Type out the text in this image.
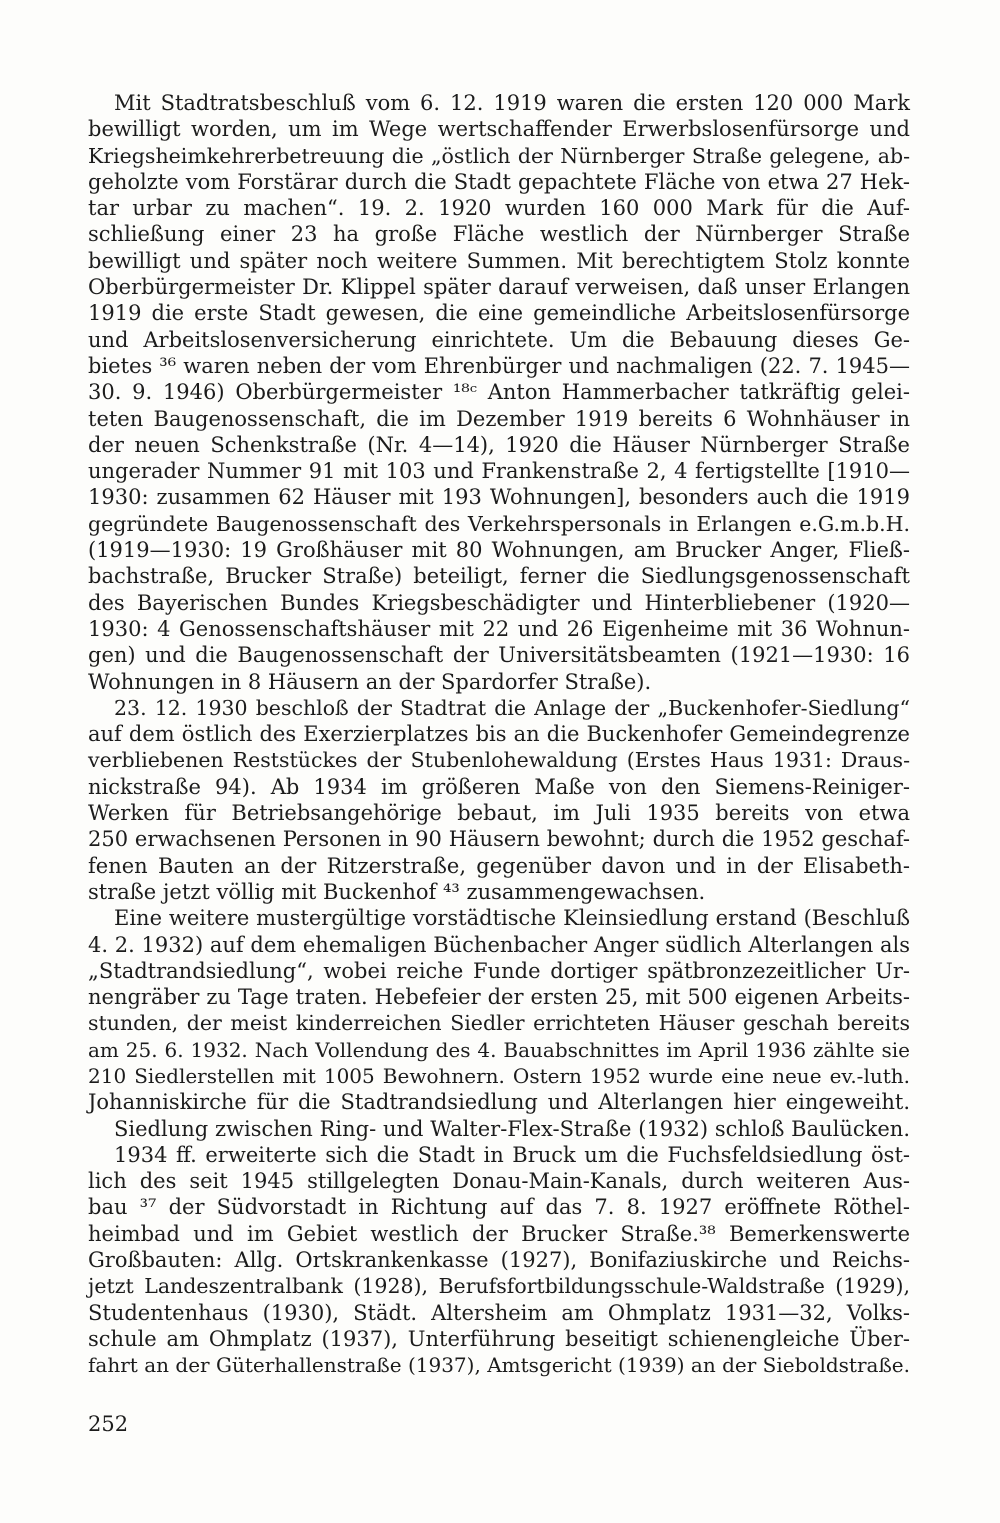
Mit Stadtratsbeschluß vom 6. 12. 1919 waren die ersten 120 000 Mark
bewilligt worden, um im Wege wertschaffender Erwerbslosenfürsorge und
Kriegsheimkehrerbetreuung die „östlich der Nürnberger Straße gelegene, ab-
geholzte vom Forstärar durch die Stadt gepachtete Fläche von etwa 27 Hek-
tar urbar zu machen“. 19. 2. 1920 wurden 160 000 Mark für die Auf-
schließung einer 23 ha große Fläche westlich der Nürnberger Straße
bewilligt und später noch weitere Summen. Mit berechtigtem Stolz konnte
Oberbürgermeister Dr. Klippel später darauf verweisen, daß unser Erlangen
1919 die erste Stadt gewesen, die eine gemeindliche Arbeitslosenfürsorge
und Arbeitslosenversicherung einrichtete. Um die Bebauung dieses Ge-
bietes ³⁶ waren neben der vom Ehrenbürger und nachmaligen (22. 7. 1945—
30. 9. 1946) Oberbürgermeister ¹⁸ᶜ Anton Hammerbacher tatkräftig gelei-
teten Baugenossenschaft, die im Dezember 1919 bereits 6 Wohnhäuser in
der neuen Schenkstraße (Nr. 4—14), 1920 die Häuser Nürnberger Straße
ungerader Nummer 91 mit 103 und Frankenstraße 2, 4 fertigstellte [1910—
1930: zusammen 62 Häuser mit 193 Wohnungen], besonders auch die 1919
gegründete Baugenossenschaft des Verkehrspersonals in Erlangen e.G.m.b.H.
(1919—1930: 19 Großhäuser mit 80 Wohnungen, am Brucker Anger, Fließ-
bachstraße, Brucker Straße) beteiligt, ferner die Siedlungsgenossenschaft
des Bayerischen Bundes Kriegsbeschädigter und Hinterbliebener (1920—
1930: 4 Genossenschaftshäuser mit 22 und 26 Eigenheime mit 36 Wohnun-
gen) und die Baugenossenschaft der Universitätsbeamten (1921—1930: 16
Wohnungen in 8 Häusern an der Spardorfer Straße).
23. 12. 1930 beschloß der Stadtrat die Anlage der „Buckenhofer-Siedlung“
auf dem östlich des Exerzierplatzes bis an die Buckenhofer Gemeindegrenze
verbliebenen Reststückes der Stubenlohewaldung (Erstes Haus 1931: Draus-
nickstraße 94). Ab 1934 im größeren Maße von den Siemens-Reiniger-
Werken für Betriebsangehörige bebaut, im Juli 1935 bereits von etwa
250 erwachsenen Personen in 90 Häusern bewohnt; durch die 1952 geschaf-
fenen Bauten an der Ritzerstraße, gegenüber davon und in der Elisabeth-
straße jetzt völlig mit Buckenhof ⁴³ zusammengewachsen.
Eine weitere mustergültige vorstädtische Kleinsiedlung erstand (Beschluß
4. 2. 1932) auf dem ehemaligen Büchenbacher Anger südlich Alterlangen als
„Stadtrandsiedlung“, wobei reiche Funde dortiger spätbronzezeitlicher Ur-
nengräber zu Tage traten. Hebefeier der ersten 25, mit 500 eigenen Arbeits-
stunden, der meist kinderreichen Siedler errichteten Häuser geschah bereits
am 25. 6. 1932. Nach Vollendung des 4. Bauabschnittes im April 1936 zählte sie
210 Siedlerstellen mit 1005 Bewohnern. Ostern 1952 wurde eine neue ev.-luth.
Johanniskirche für die Stadtrandsiedlung und Alterlangen hier eingeweiht.
Siedlung zwischen Ring- und Walter-Flex-Straße (1932) schloß Baulücken.
1934 ff. erweiterte sich die Stadt in Bruck um die Fuchsfeldsiedlung öst-
lich des seit 1945 stillgelegten Donau-Main-Kanals, durch weiteren Aus-
bau ³⁷ der Südvorstadt in Richtung auf das 7. 8. 1927 eröffnete Röthel-
heimbad und im Gebiet westlich der Brucker Straße.³⁸ Bemerkenswerte
Großbauten: Allg. Ortskrankenkasse (1927), Bonifaziuskirche und Reichs-
jetzt Landeszentralbank (1928), Berufsfortbildungsschule-Waldstraße (1929),
Studentenhaus (1930), Städt. Altersheim am Ohmplatz 1931—32, Volks-
schule am Ohmplatz (1937), Unterführung beseitigt schienengleiche Über-
fahrt an der Güterhallenstraße (1937), Amtsgericht (1939) an der Sieboldstraße.
252
